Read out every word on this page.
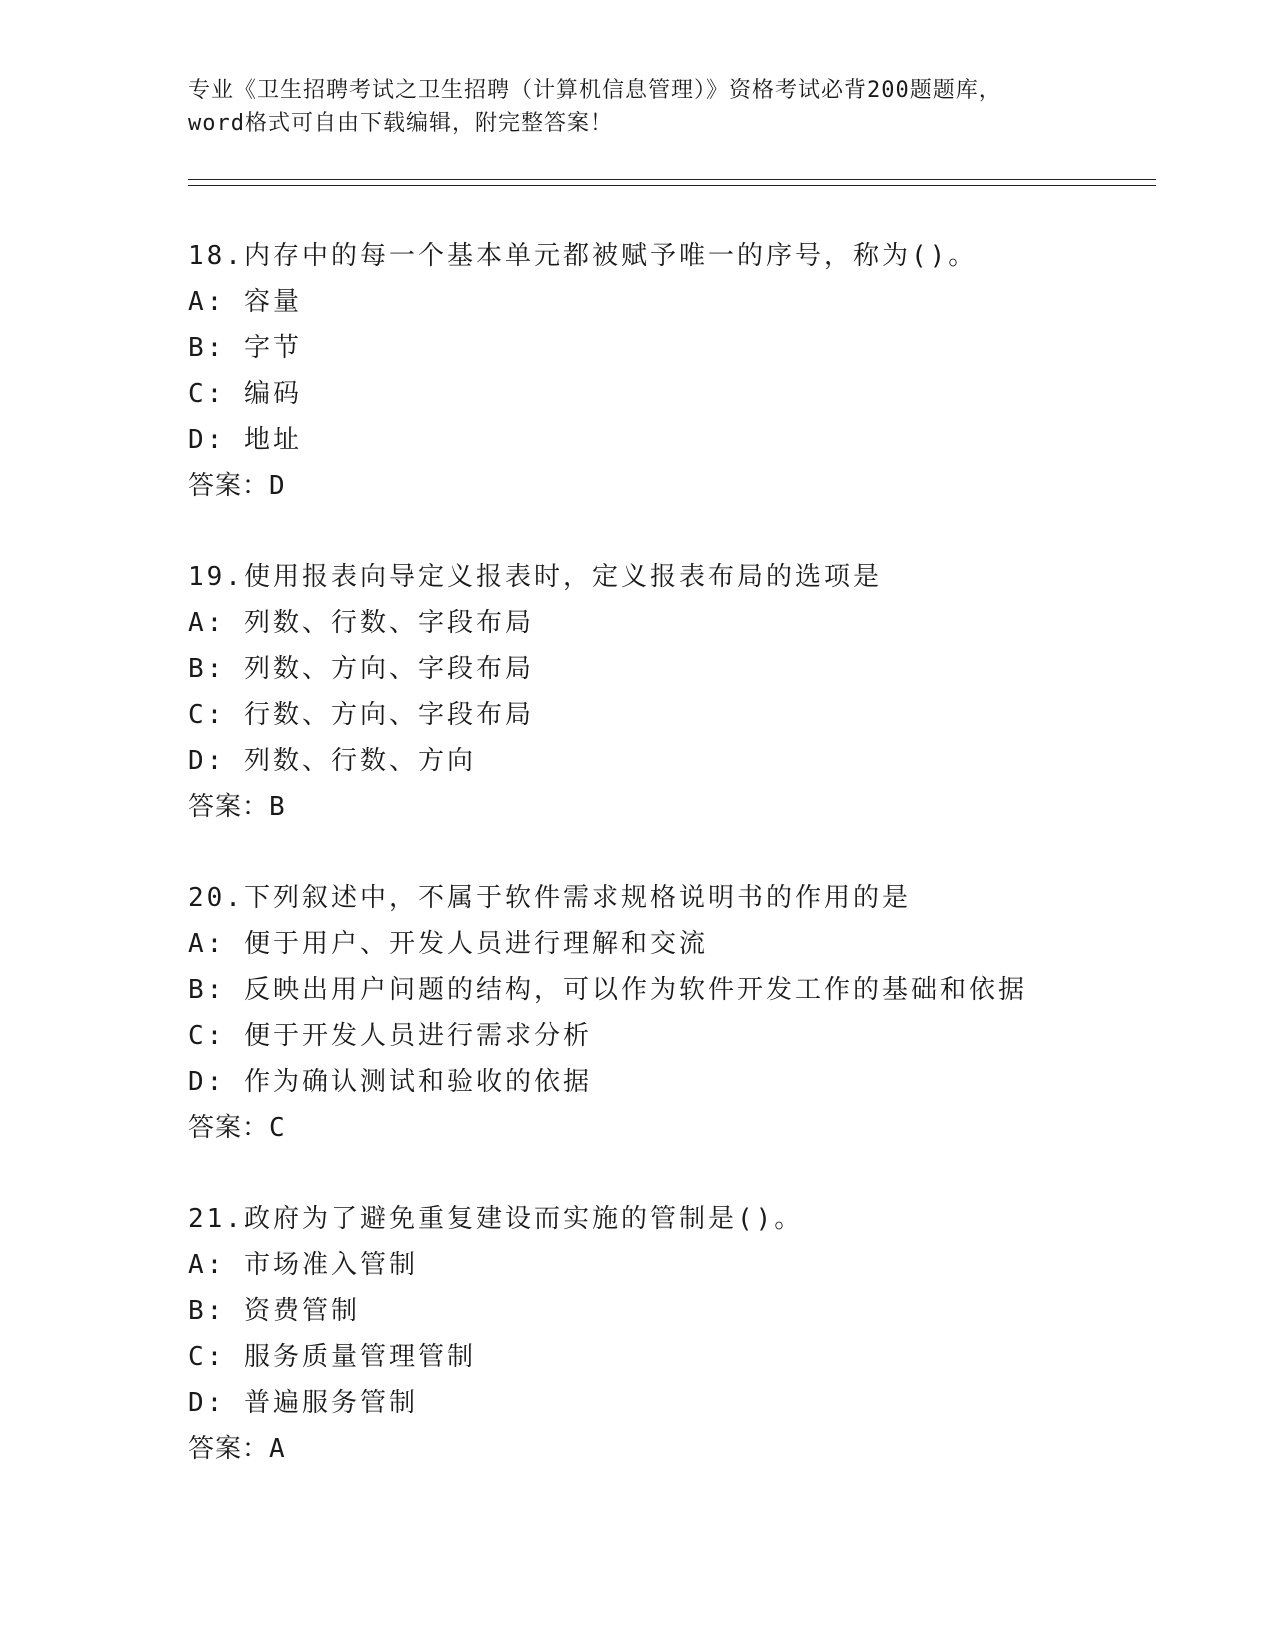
专业《卫生招聘考试之卫生招聘（计算机信息管理）》资格考试必背200题题库，
word格式可自由下载编辑，附完整答案！
18.内存中的每一个基本单元都被赋予唯一的序号，称为()。
A: 容量
B: 字节
C: 编码
D: 地址
答案：D
19.使用报表向导定义报表时，定义报表布局的选项是
A: 列数、行数、字段布局
B: 列数、方向、字段布局
C: 行数、方向、字段布局
D: 列数、行数、方向
答案：B
20.下列叙述中，不属于软件需求规格说明书的作用的是
A: 便于用户、开发人员进行理解和交流
B: 反映出用户问题的结构，可以作为软件开发工作的基础和依据
C: 便于开发人员进行需求分析
D: 作为确认测试和验收的依据
答案：C
21.政府为了避免重复建设而实施的管制是()。
A: 市场准入管制
B: 资费管制
C: 服务质量管理管制
D: 普遍服务管制
答案：A
